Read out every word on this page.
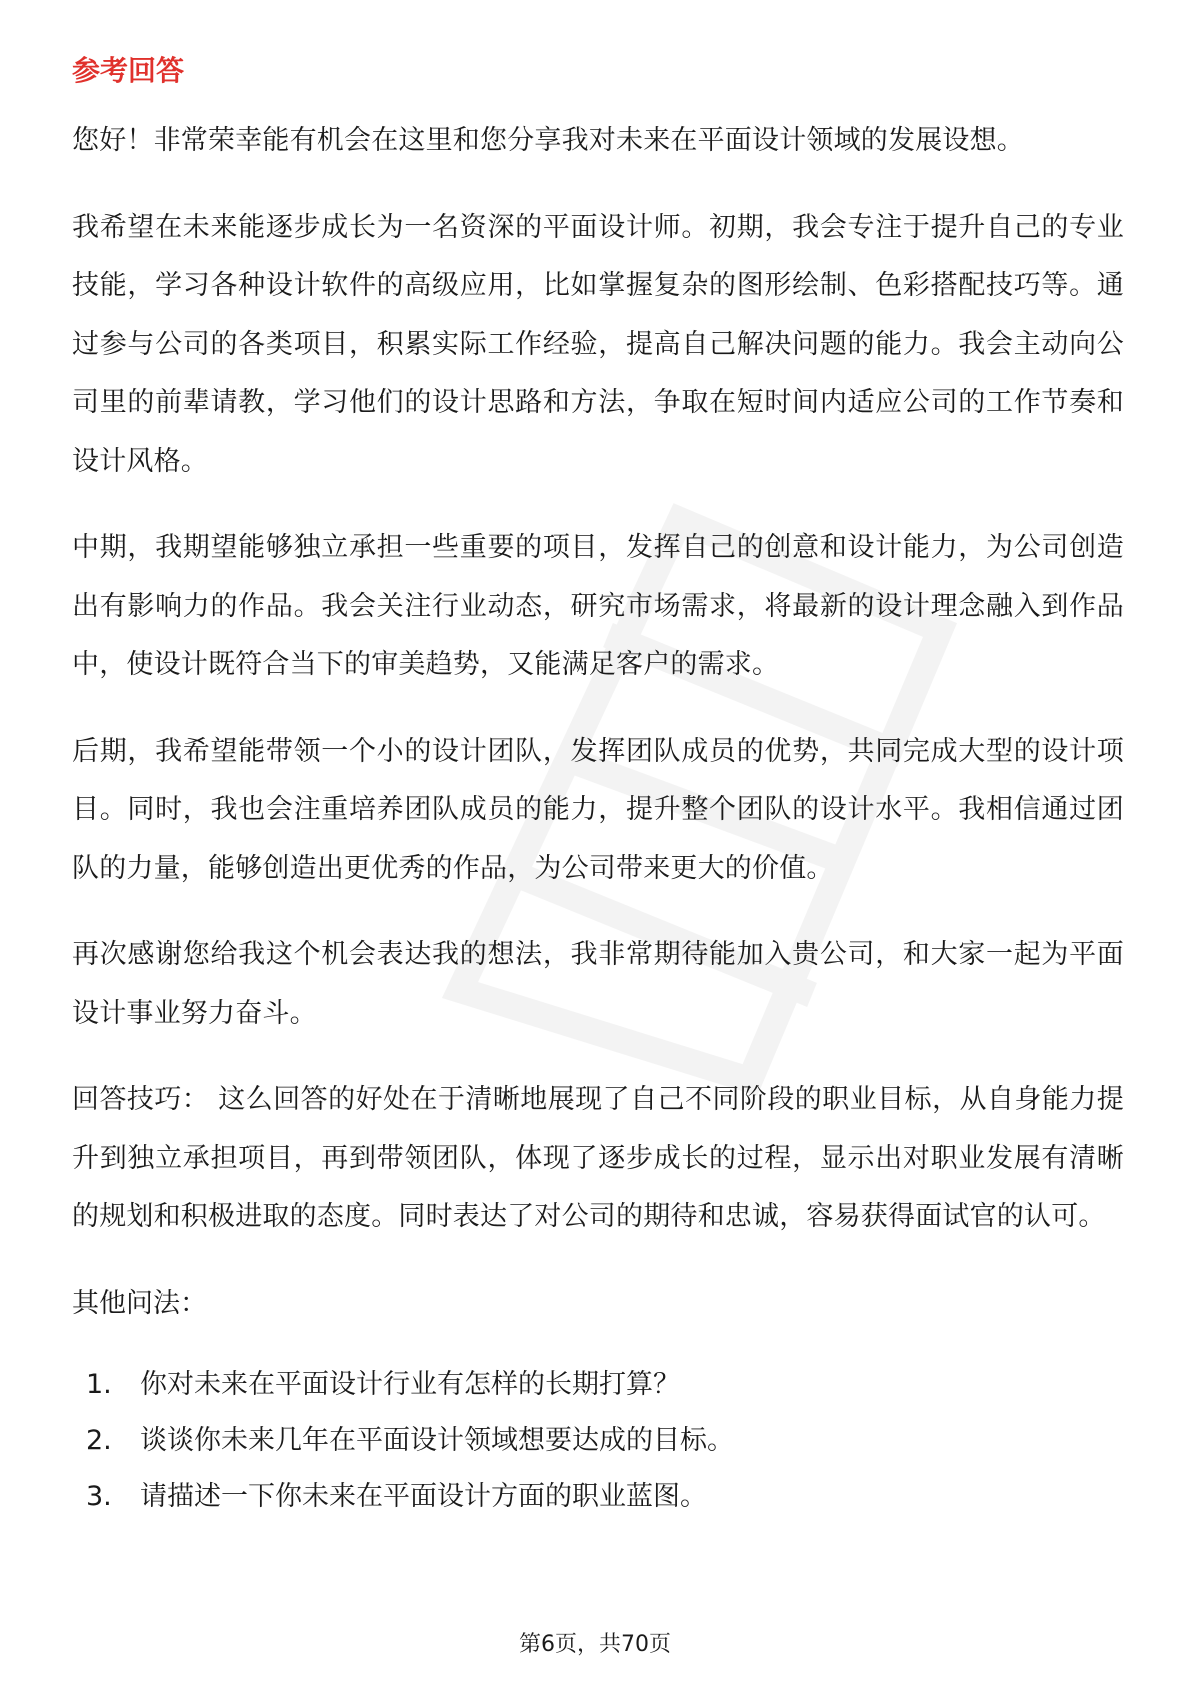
参考回答

您好！非常荣幸能有机会在这里和您分享我对未来在平面设计领域的发展设想。

我希望在未来能逐步成长为一名资深的平面设计师。初期，我会专注于提升自己的专业技能，学习各种设计软件的高级应用，比如掌握复杂的图形绘制、色彩搭配技巧等。通过参与公司的各类项目，积累实际工作经验，提高自己解决问题的能力。我会主动向公司里的前辈请教，学习他们的设计思路和方法，争取在短时间内适应公司的工作节奏和设计风格。

中期，我期望能够独立承担一些重要的项目，发挥自己的创意和设计能力，为公司创造出有影响力的作品。我会关注行业动态，研究市场需求，将最新的设计理念融入到作品中，使设计既符合当下的审美趋势，又能满足客户的需求。

后期，我希望能带领一个小的设计团队，发挥团队成员的优势，共同完成大型的设计项目。同时，我也会注重培养团队成员的能力，提升整个团队的设计水平。我相信通过团队的力量，能够创造出更优秀的作品，为公司带来更大的价值。

再次感谢您给我这个机会表达我的想法，我非常期待能加入贵公司，和大家一起为平面设计事业努力奋斗。

回答技巧： 这么回答的好处在于清晰地展现了自己不同阶段的职业目标，从自身能力提升到独立承担项目，再到带领团队，体现了逐步成长的过程，显示出对职业发展有清晰的规划和积极进取的态度。同时表达了对公司的期待和忠诚，容易获得面试官的认可。

其他问法：
1.	你对未来在平面设计行业有怎样的长期打算？
2.	谈谈你未来几年在平面设计领域想要达成的目标。
3.	请描述一下你未来在平面设计方面的职业蓝图。
第6页，共70页
